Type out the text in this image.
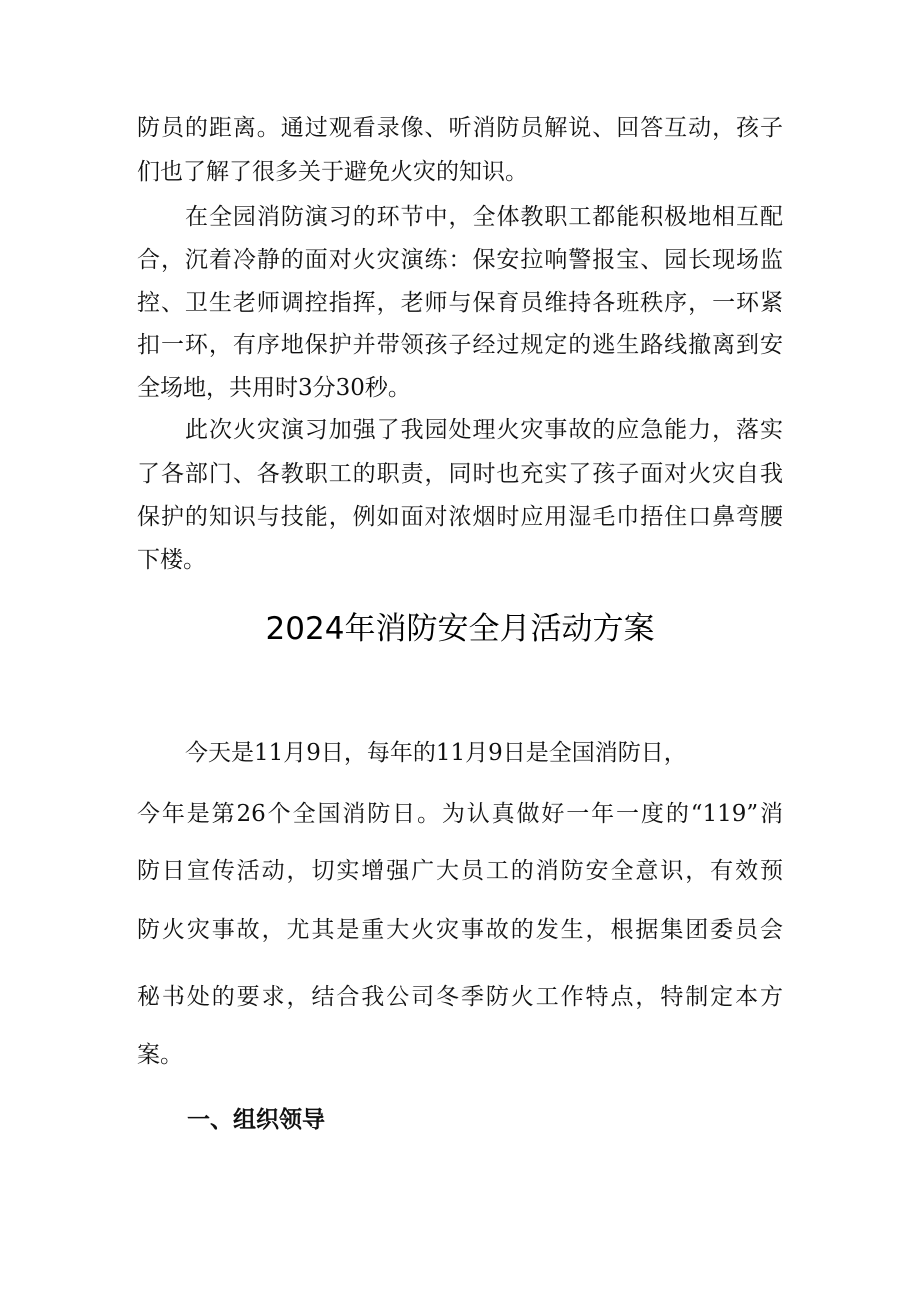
防员的距离。通过观看录像、听消防员解说、回答互动，孩子
们也了解了很多关于避免火灾的知识。
在全园消防演习的环节中，全体教职工都能积极地相互配
合，沉着冷静的面对火灾演练：保安拉响警报宝、园长现场监
控、卫生老师调控指挥，老师与保育员维持各班秩序，一环紧
扣一环，有序地保护并带领孩子经过规定的逃生路线撤离到安
全场地，共用时3分30秒。
此次火灾演习加强了我园处理火灾事故的应急能力，落实
了各部门、各教职工的职责，同时也充实了孩子面对火灾自我
保护的知识与技能，例如面对浓烟时应用湿毛巾捂住口鼻弯腰
下楼。
2024年消防安全月活动方案
今天是11月9日，每年的11月9日是全国消防日，
今年是第26个全国消防日。为认真做好一年一度的“119”消
防日宣传活动，切实增强广大员工的消防安全意识，有效预
防火灾事故，尤其是重大火灾事故的发生，根据集团委员会
秘书处的要求，结合我公司冬季防火工作特点，特制定本方
案。
一、组织领导
